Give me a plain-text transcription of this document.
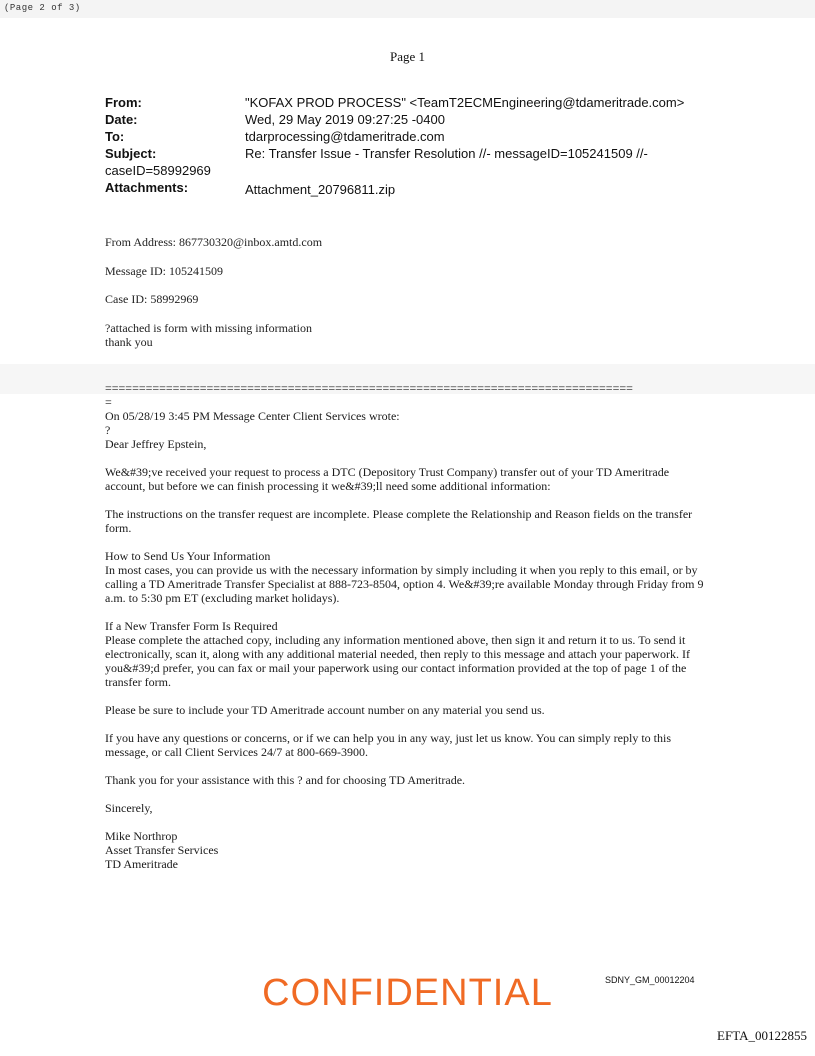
(Page 2 of 3)
Page 1
From:	"KOFAX PROD PROCESS" <TeamT2ECMEngineering@tdameritrade.com>
Date:	Wed, 29 May 2019 09:27:25 -0400
To:	tdarprocessing@tdameritrade.com
Subject:	Re: Transfer Issue - Transfer Resolution //- messageID=105241509 //-
caseID=58992969
Attachments:	Attachment_20796811.zip
From Address: 867730320@inbox.amtd.com
Message ID: 105241509
Case ID: 58992969
?attached is form with missing information
thank you
==============================================================================
=
On 05/28/19 3:45 PM Message Center Client Services wrote:
?
Dear Jeffrey Epstein,

We&#39;ve received your request to process a DTC (Depository Trust Company) transfer out of your TD Ameritrade account, but before we can finish processing it we&#39;ll need some additional information:

The instructions on the transfer request are incomplete. Please complete the Relationship and Reason fields on the transfer form.

How to Send Us Your Information

In most cases, you can provide us with the necessary information by simply including it when you reply to this email, or by calling a TD Ameritrade Transfer Specialist at 888-723-8504, option 4. We&#39;re available Monday through Friday from 9 a.m. to 5:30 pm ET (excluding market holidays).

If a New Transfer Form Is Required

Please complete the attached copy, including any information mentioned above, then sign it and return it to us. To send it electronically, scan it, along with any additional material needed, then reply to this message and attach your paperwork. If you&#39;d prefer, you can fax or mail your paperwork using our contact information provided at the top of page 1 of the transfer form.

Please be sure to include your TD Ameritrade account number on any material you send us.

If you have any questions or concerns, or if we can help you in any way, just let us know. You can simply reply to this message, or call Client Services 24/7 at 800-669-3900.

Thank you for your assistance with this ? and for choosing TD Ameritrade.

Sincerely,

Mike Northrop

Asset Transfer Services

TD Ameritrade

CONFIDENTIAL	SDNY_GM_00012204
EFTA_00122855
